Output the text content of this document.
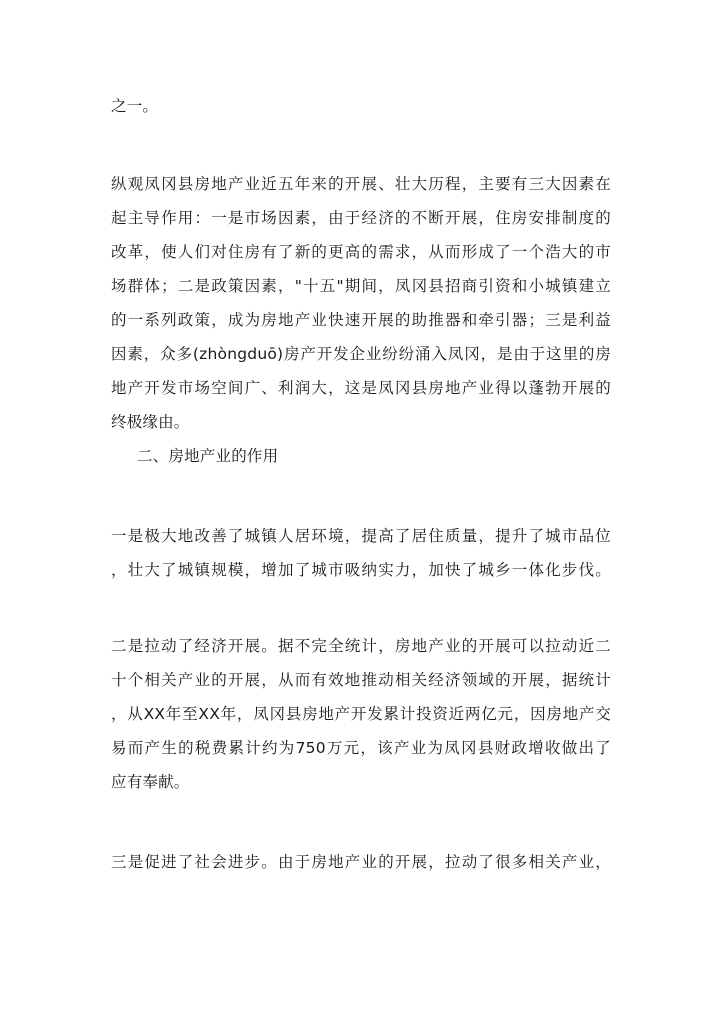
之一。
纵观凤冈县房地产业近五年来的开展、壮大历程，主要有三大因素在
起主导作用：一是市场因素，由于经济的不断开展，住房安排制度的
改革，使人们对住房有了新的更高的需求，从而形成了一个浩大的市
场群体；二是政策因素，"十五"期间，凤冈县招商引资和小城镇建立
的一系列政策，成为房地产业快速开展的助推器和牵引器；三是利益
因素，众多(zhòngduō)房产开发企业纷纷涌入凤冈，是由于这里的房
地产开发市场空间广、利润大，这是凤冈县房地产业得以蓬勃开展的
终极缘由。
二、房地产业的作用
一是极大地改善了城镇人居环境，提高了居住质量，提升了城市品位
，壮大了城镇规模，增加了城市吸纳实力，加快了城乡一体化步伐。
二是拉动了经济开展。据不完全统计，房地产业的开展可以拉动近二
十个相关产业的开展，从而有效地推动相关经济领域的开展，据统计
，从XX年至XX年，凤冈县房地产开发累计投资近两亿元，因房地产交
易而产生的税费累计约为750万元，该产业为凤冈县财政增收做出了
应有奉献。
三是促进了社会进步。由于房地产业的开展，拉动了很多相关产业，
